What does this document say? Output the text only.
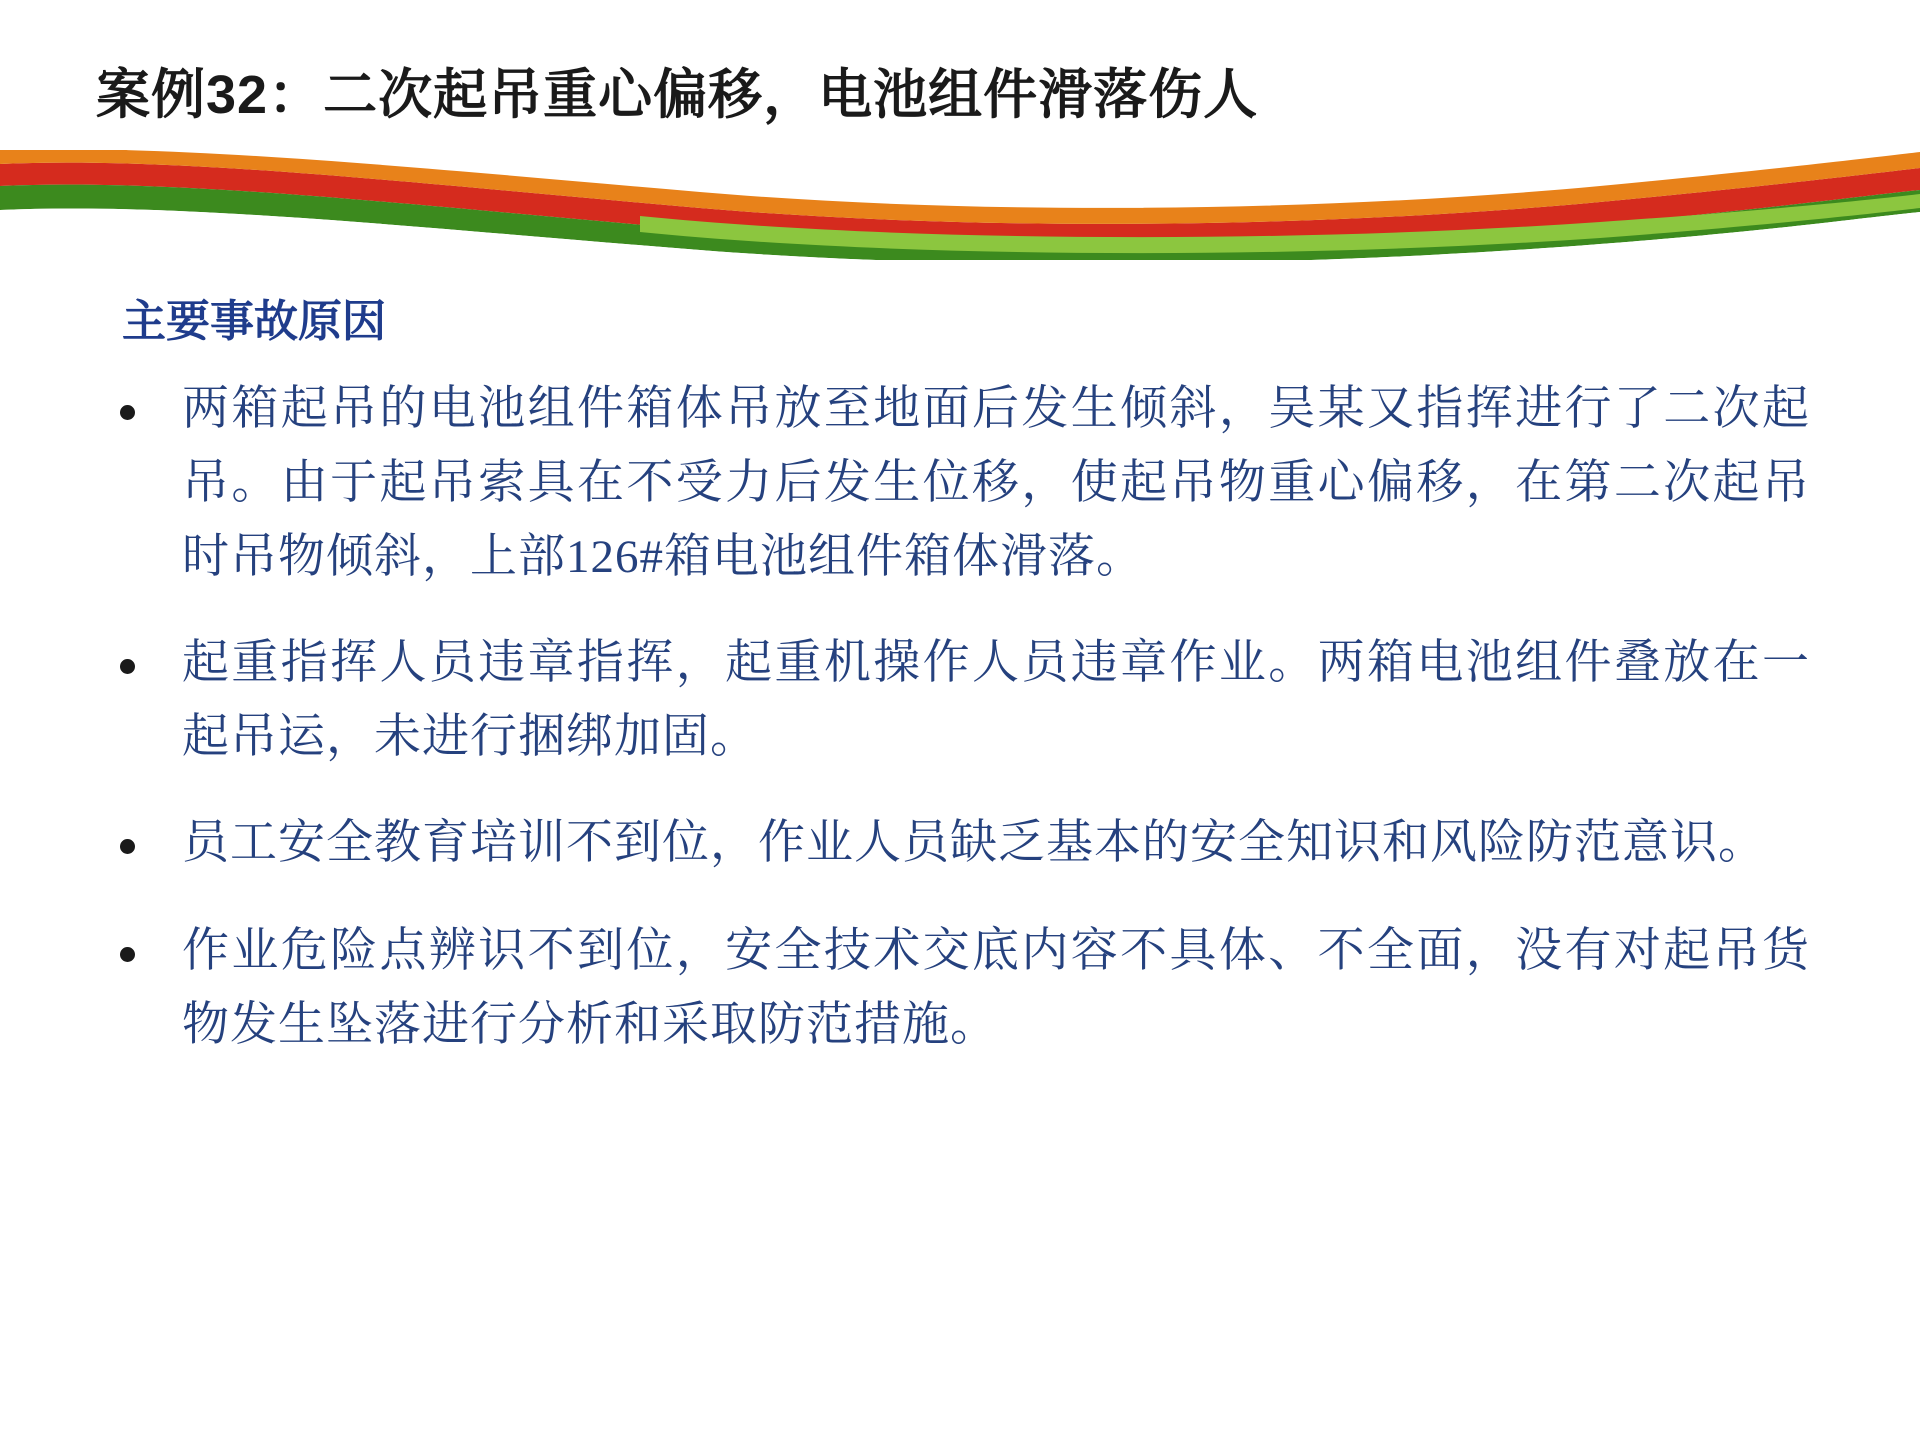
案例32：二次起吊重心偏移，电池组件滑落伤人
主要事故原因
两箱起吊的电池组件箱体吊放至地面后发生倾斜，吴某又指挥进行了二次起吊。由于起吊索具在不受力后发生位移，使起吊物重心偏移，在第二次起吊时吊物倾斜，上部126#箱电池组件箱体滑落。
起重指挥人员违章指挥，起重机操作人员违章作业。两箱电池组件叠放在一起吊运，未进行捆绑加固。
员工安全教育培训不到位，作业人员缺乏基本的安全知识和风险防范意识。
作业危险点辨识不到位，安全技术交底内容不具体、不全面，没有对起吊货物发生坠落进行分析和采取防范措施。
